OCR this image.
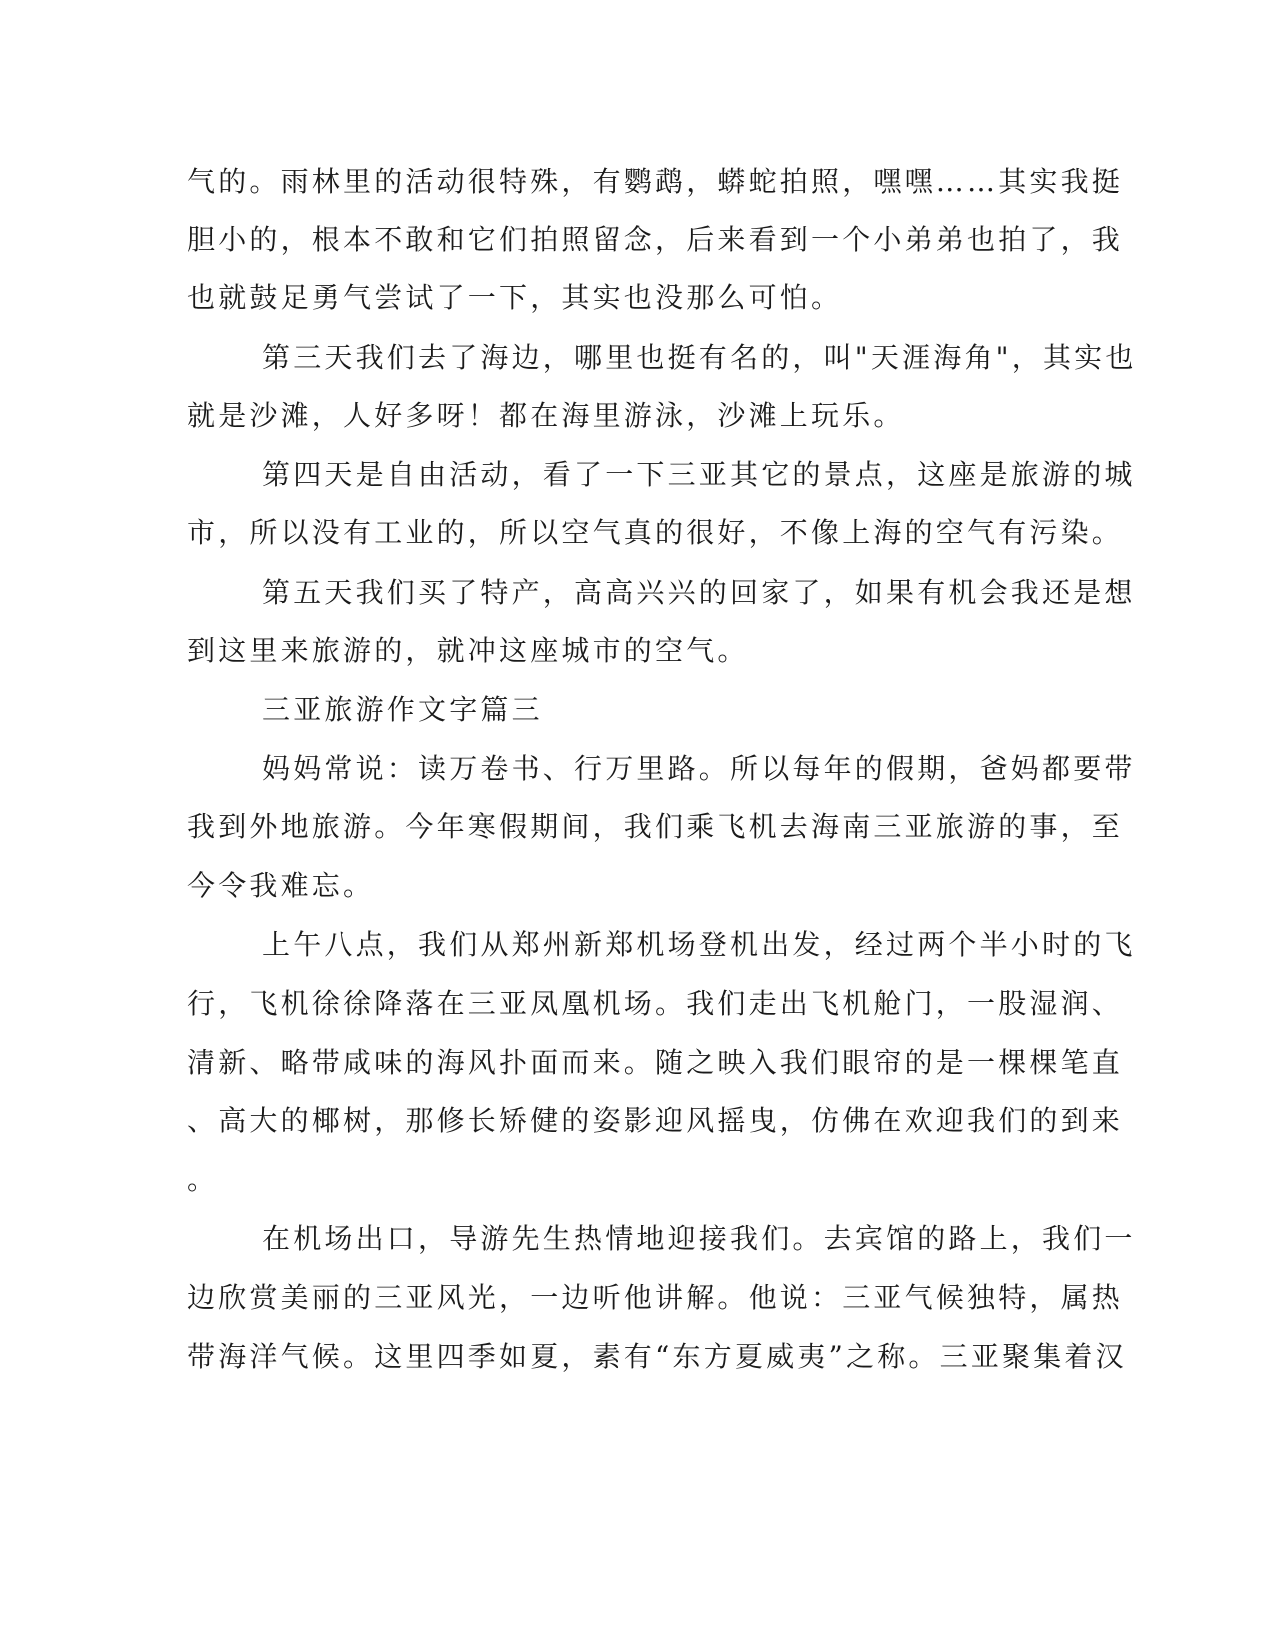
气的。雨林里的活动很特殊，有鹦鹉，蟒蛇拍照，嘿嘿……其实我挺
胆小的，根本不敢和它们拍照留念，后来看到一个小弟弟也拍了，我
也就鼓足勇气尝试了一下，其实也没那么可怕。
第三天我们去了海边，哪里也挺有名的，叫"天涯海角"，其实也
就是沙滩，人好多呀！都在海里游泳，沙滩上玩乐。
第四天是自由活动，看了一下三亚其它的景点，这座是旅游的城
市，所以没有工业的，所以空气真的很好，不像上海的空气有污染。
第五天我们买了特产，高高兴兴的回家了，如果有机会我还是想
到这里来旅游的，就冲这座城市的空气。
三亚旅游作文字篇三
妈妈常说：读万卷书、行万里路。所以每年的假期，爸妈都要带
我到外地旅游。今年寒假期间，我们乘飞机去海南三亚旅游的事，至
今令我难忘。
上午八点，我们从郑州新郑机场登机出发，经过两个半小时的飞
行，飞机徐徐降落在三亚凤凰机场。我们走出飞机舱门，一股湿润、
清新、略带咸味的海风扑面而来。随之映入我们眼帘的是一棵棵笔直
、高大的椰树，那修长矫健的姿影迎风摇曳，仿佛在欢迎我们的到来
。
在机场出口，导游先生热情地迎接我们。去宾馆的路上，我们一
边欣赏美丽的三亚风光，一边听他讲解。他说：三亚气候独特，属热
带海洋气候。这里四季如夏，素有“东方夏威夷”之称。三亚聚集着汉
